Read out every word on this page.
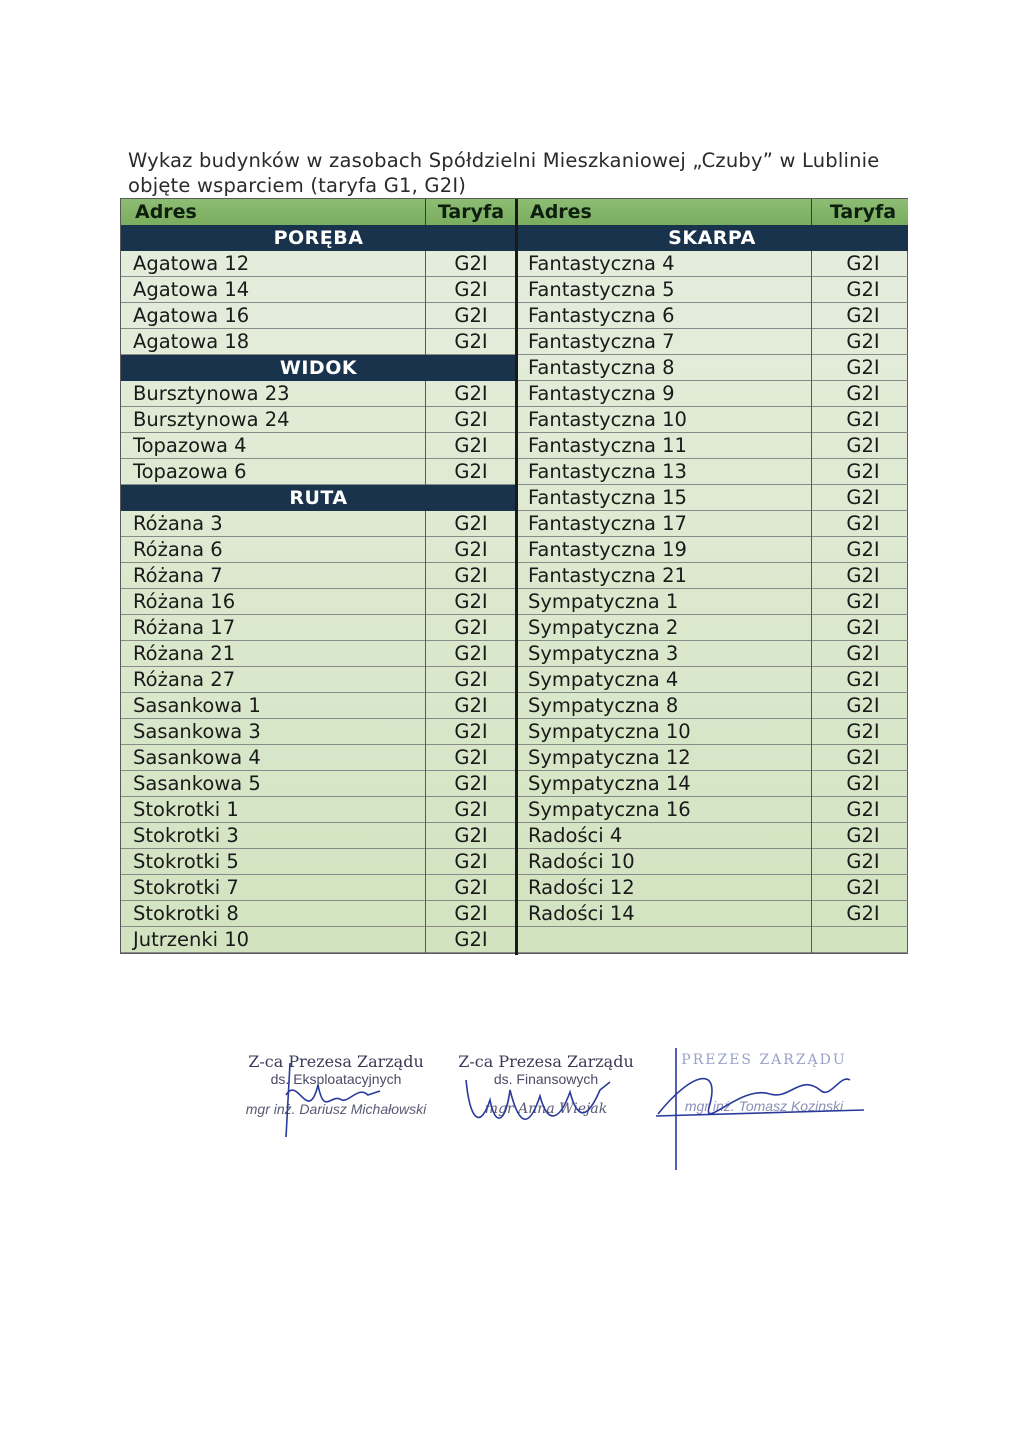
Wykaz budynków w zasobach Spółdzielni Mieszkaniowej „Czuby” w Lublinie
objęte wsparciem (taryfa G1, G2I)
Adres	Taryfa
PORĘBA
Agatowa 12	G2I
Agatowa 14	G2I
Agatowa 16	G2I
Agatowa 18	G2I
WIDOK
Bursztynowa 23	G2I
Bursztynowa 24	G2I
Topazowa 4	G2I
Topazowa 6	G2I
RUTA
Różana 3	G2I
Różana 6	G2I
Różana 7	G2I
Różana 16	G2I
Różana 17	G2I
Różana 21	G2I
Różana 27	G2I
Sasankowa 1	G2I
Sasankowa 3	G2I
Sasankowa 4	G2I
Sasankowa 5	G2I
Stokrotki 1	G2I
Stokrotki 3	G2I
Stokrotki 5	G2I
Stokrotki 7	G2I
Stokrotki 8	G2I
Jutrzenki 10	G2I
Adres	Taryfa
SKARPA
Fantastyczna 4	G2I
Fantastyczna 5	G2I
Fantastyczna 6	G2I
Fantastyczna 7	G2I
Fantastyczna 8	G2I
Fantastyczna 9	G2I
Fantastyczna 10	G2I
Fantastyczna 11	G2I
Fantastyczna 13	G2I
Fantastyczna 15	G2I
Fantastyczna 17	G2I
Fantastyczna 19	G2I
Fantastyczna 21	G2I
Sympatyczna 1	G2I
Sympatyczna 2	G2I
Sympatyczna 3	G2I
Sympatyczna 4	G2I
Sympatyczna 8	G2I
Sympatyczna 10	G2I
Sympatyczna 12	G2I
Sympatyczna 14	G2I
Sympatyczna 16	G2I
Radości 4	G2I
Radości 10	G2I
Radości 12	G2I
Radości 14	G2I
Z-ca Prezesa Zarządu
ds. Eksploatacyjnych
mgr inż. Dariusz Michałowski
Z-ca Prezesa Zarządu
ds. Finansowych
mgr Anna Wiejak
PREZES ZARZĄDU
mgr inż. Tomasz Kozinski
